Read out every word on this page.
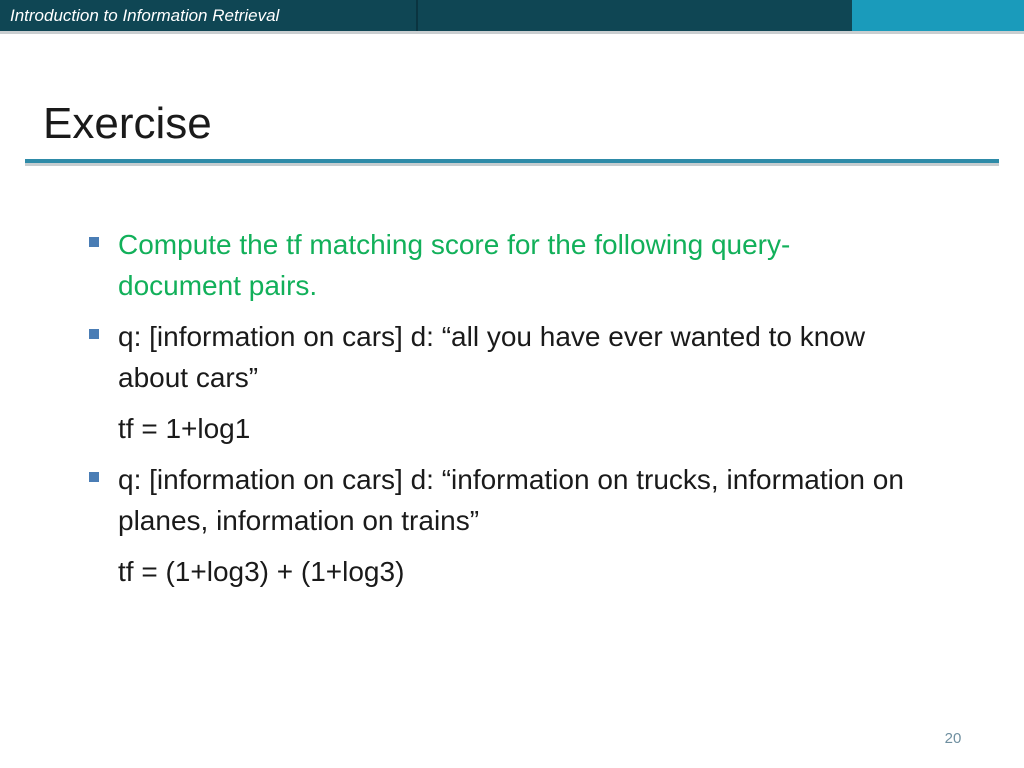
Introduction to Information Retrieval
Exercise
Compute the tf matching score for the following query-document pairs.
q: [information on cars] d: “all you have ever wanted to know about cars”
tf = 1+log1
q: [information on cars] d: “information on trucks, information on planes, information on trains”
tf = (1+log3) + (1+log3)
20
